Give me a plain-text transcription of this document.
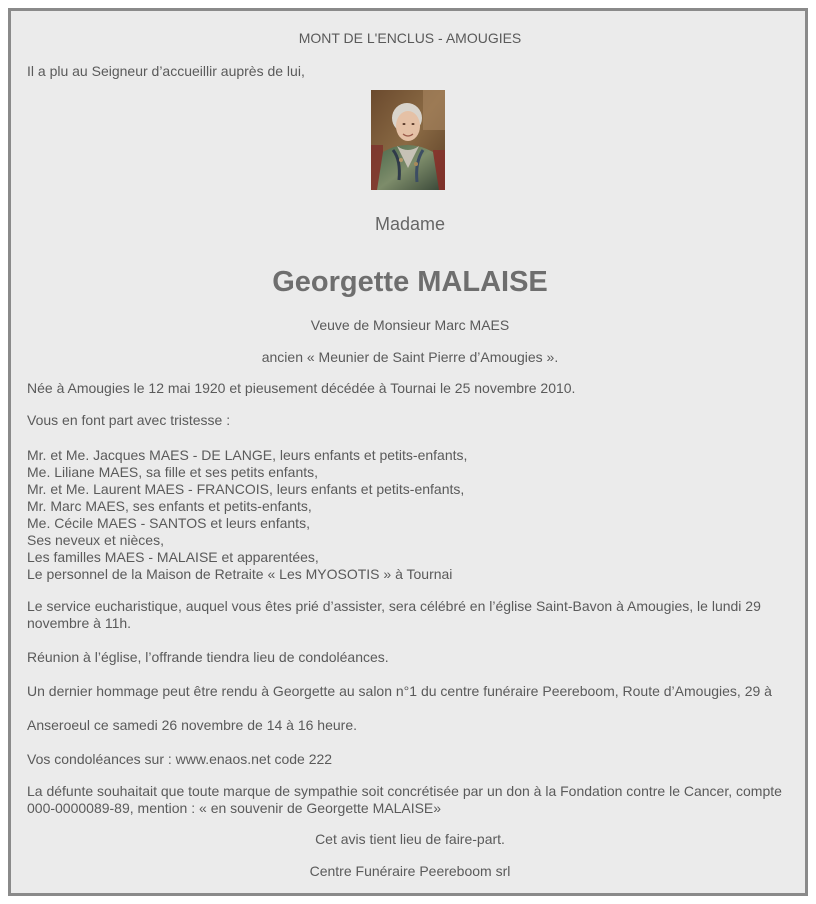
MONT DE L'ENCLUS - AMOUGIES

Il a plu au Seigneur d’accueillir auprès de lui,

Madame

Georgette MALAISE

Veuve de Monsieur Marc MAES

ancien « Meunier de Saint Pierre d’Amougies ».

Née à Amougies le 12 mai 1920 et pieusement décédée à Tournai le 25 novembre 2010.

Vous en font part avec tristesse :

Mr. et Me. Jacques MAES - DE LANGE, leurs enfants et petits-enfants,
Me. Liliane MAES, sa fille et ses petits enfants,
Mr. et Me. Laurent MAES - FRANCOIS, leurs enfants et petits-enfants,
Mr. Marc MAES, ses enfants et petits-enfants,
Me. Cécile MAES - SANTOS et leurs enfants,
Ses neveux et nièces,
Les familles MAES - MALAISE et apparentées,
Le personnel de la Maison de Retraite « Les MYOSOTIS » à Tournai

Le service eucharistique, auquel vous êtes prié d’assister, sera célébré en l’église Saint-Bavon à Amougies, le lundi 29 novembre à 11h.

Réunion à l’église, l’offrande tiendra lieu de condoléances.

Un dernier hommage peut être rendu à Georgette au salon n°1 du centre funéraire Peereboom, Route d’Amougies, 29 à

Anseroeul ce samedi 26 novembre de 14 à 16 heure.

Vos condoléances sur : www.enaos.net code 222

La défunte souhaitait que toute marque de sympathie soit concrétisée par un don à la Fondation contre le Cancer, compte 000-0000089-89, mention : « en souvenir de Georgette MALAISE»

Cet avis tient lieu de faire-part.

Centre Funéraire Peereboom srl
